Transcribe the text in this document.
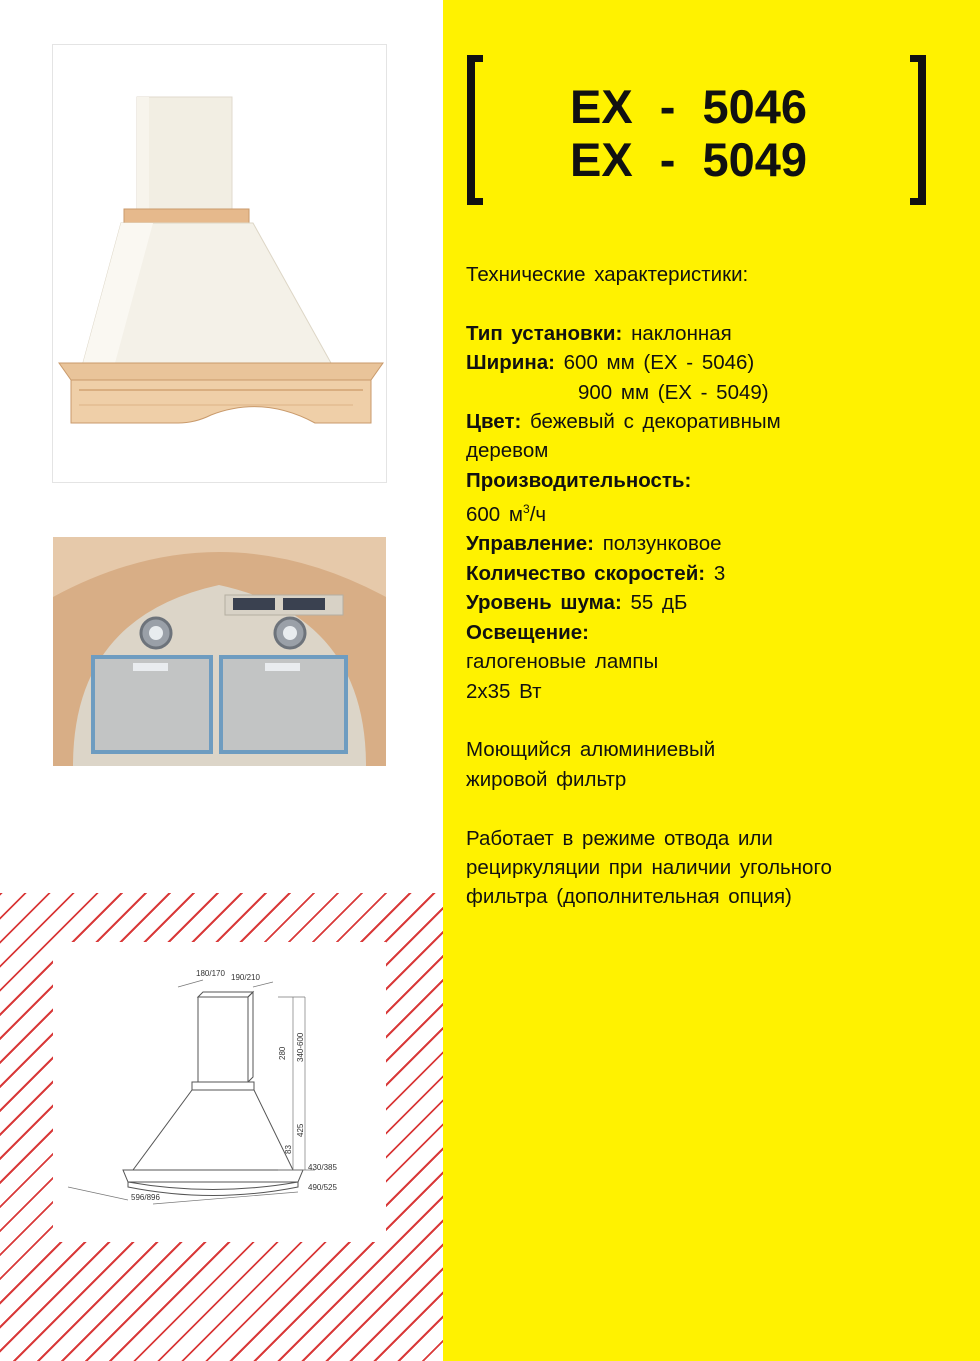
180/170 190/210
280 340-600
425
83
430/385
490/525
596/896
EX - 5046
EX - 5049

Технические характеристики:

Тип установки: наклонная

Ширина: 600 мм (EX - 5046)

900 мм (EX - 5049)

Цвет: бежевый с декоративным

деревом

Производительность:

600 $м^3/ч$

Управление: ползунковое

Количество скоростей: 3

Уровень шума: 55 дБ

Освещение:

галогеновые лампы

2x35 Вт

Моющийся алюминиевый

жировой фильтр

Работает в режиме отвода или

рециркуляции при наличии угольного

фильтра (дополнительная опция)
